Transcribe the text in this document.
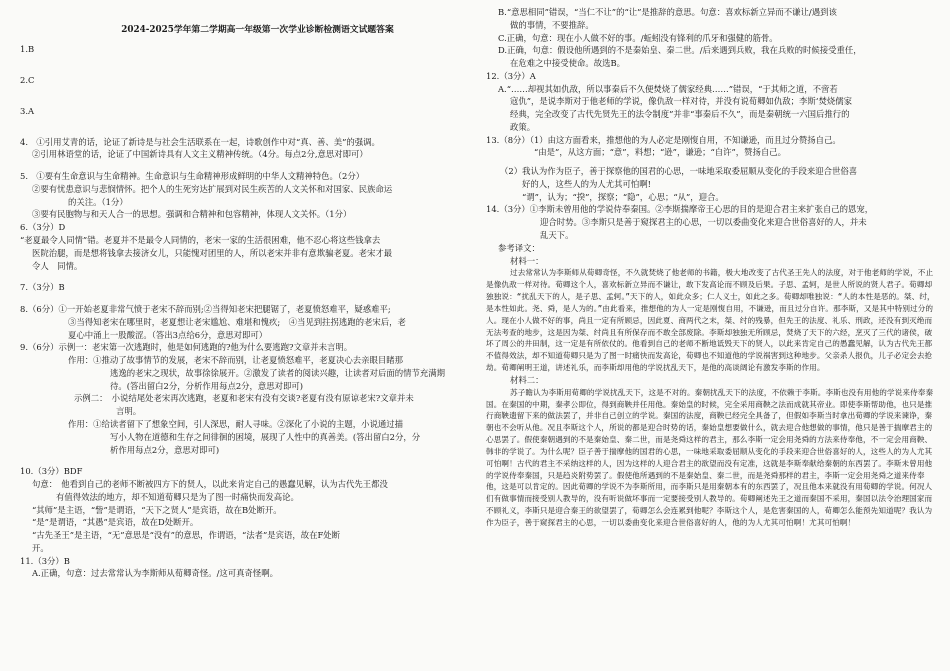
2024-2025学年第二学期高一年级第一次学业诊断检测语文试题答案
1.B
2.C
3.A
4.　①引用艾青的话，论证了新诗是与社会生活联系在一起，诗歌创作中对“真、善、美”的强调。
②引用林语堂的话，论证了中国新诗具有人文主义精神传统。（4分。每点2分,意思对即可）
5.　①要有生命意识与生命精神。生命意识与生命精神形成鲜明的中华人文精神特色。（2分）
②要有忧患意识与悲悯情怀。把个人的生死穷达扩展到对民生疾苦的人文关怀和对国家、民族命运
的关注。（1分）
③要有民胞物与和天人合一的思想。强调和合精神和包容精神，体现人文关怀。（1分）
6.（3分）D
“老夏最令人同情”错。老夏并不是最令人同情的，老宋一家的生活很困难，他不忍心将这些钱拿去
医院治腿，而是想将钱拿去接济女儿，只能愧对团里的人，所以老宋并非有意欺骗老夏。老宋才最
令人　同情。
7.（3分）B
8.（6分）①一开始老夏非常气愤于老宋不辞而别;②当得知老宋把腿锯了，老夏愤怒难平，疑惑难平;
③当得知老宋在哪里时，老夏想让老宋尴尬、难堪和愧疚;　④当见到拄拐逃跑的老宋后，老
夏心中涌上一股酸涩。（答出3点给6分，意思对即可）
9.（6分）示例一：老宋第一次逃跑时，他是如何逃跑的?他为什么要逃跑?文章并未言明。
作用：①推动了故事情节的发展，老宋不辞而别，让老夏愤怒难平，老夏决心去亲眼目睹那
逃逸的老宋之现状，故事徐徐展开。②激发了读者的阅读兴趣，让读者对后面的情节充满期
待。(答出留白2分，分析作用每点2分，意思对即可)
示例二：　小说结尾处老宋再次逃跑，老夏和老宋有没有交谈?老夏有没有原谅老宋?文章并未
言明。
作用：①给读者留下了想象空间，引人深思，耐人寻味。②深化了小说的主题，小说通过描
写小人物在道德和生存之间徘徊的困境，展现了人性中的真善美。(答出留白2分，分
析作用每点2分，意思对即可)
10.（3分）BDF
句意：　他看到自己的老师不断被四方下的贤人，以此来肯定自己的愚蠢见解，认为古代先王都没
有值得效法的地方，却不知道荀卿只是为了图一时痛快而发高论。
“其师”是主语，“訾”是谓语，“天下之贤人”是宾语，故在B处断开。
“是”是谓语，“其愚”是宾语，故在D处断开。
“古先圣王”是主语，“无”意思是“没有”的意思，作谓语，“法者”是宾语，故在F处断
开。
11.（3分）B
A.正确，句意：过去常常认为李斯师从荀卿奇怪。/这可真奇怪啊。
B.“意思相同”错误，“当仁不让”的“让”是推辞的意思。句意：喜欢标新立异而不谦让/遇到该
做的事情，不要推辞。
C.正确，句意：现在小人做不好的事。/蚯蚓没有锋利的爪牙和强健的筋骨。
D.正确，句意：假设他所遇到的不是秦始皇、秦二世。/后来遇到兵败，我在兵败的时候接受重任，
在危难之中接受使命。故选B。
12.（3分）A
A.“……却视其如仇敌，所以事秦后不久便焚烧了儒家经典……”错误，“于其师之道，不啻若
寇仇”，是说李斯对于他老师的学说，像仇敌一样对待，并没有说荀卿如仇敌；李斯‘焚烧儒家
经典，完全改变了古代先贤先王的法令制度”并非“事秦后不久”，而是秦朝统一六国后推行的
政策。
13.（8分）（1）由这方面看来，推想他的为人必定是刚愎自用，不知谦逊，而且过分赞扬自己。
“由是”，从这方面；“意”，料想；“逊”，谦逊；“自许”，赞扬自己。
（2）我认为作为臣子，善于探察他的国君的心思，一味地采取委屈顺从变化的手段来迎合世俗喜
好的人，这些人的为人尤其可怕啊!
“谓”，认为；“揆”，探察；“隐”，心思；“从”，迎合。
14.（3分）①李斯未曾用他的学说侍奉秦国。②李斯揣摩帝王心思的目的是迎合君主来扩张自己的恩宠，
迎合时势。③李斯只是善于窥探君主的心思，一切以委曲变化来迎合世俗喜好的人，并未
乱天下。
参考译文：
材料一：
过去常常认为李斯师从荀卿奇怪，不久就焚烧了他老师的书籍，极大地改变了古代圣王先人的法度，对于他老师的学说，不止是像仇敌一样对待。荀卿这个人，喜欢标新立异而不谦让，敢下发高论而不顾及后果。子思、孟轲，是世人所说的贤人君子。荀卿却独独说：“扰乱天下的人，是子思、孟轲。”天下的人，如此众多；仁人义士，如此之多。荀卿却唯独说：“人的本性是恶的。桀、纣，是本性如此。尧、舜，是人为的。”由此看来，推想他的为人一定是刚愎自用，不谦逊，而且过分自许。那李斯，又是其中特别过分的人。现在小人做不好的事，尚且一定有所顾忌，因此夏、商两代之末，桀、纣的残暴，但先王的法度、礼乐、刑政，还没有到灭绝而无法考查的地步，这是因为桀、纣尚且有所保存而不敢全部废除。李斯却独独无所顾忌，焚烧了天下的六经，烹灭了三代的诸侯，破坏了周公的井田制，这一定是有所依仗的。他看到自己的老师不断地诋毁天下的贤人，以此来肯定自己的愚蠢见解，认为古代先王都不值得效法，却不知道荀卿只是为了图一时痛快而发高论，荀卿也不知道他的学说祸害到这种地步。父亲杀人报仇，儿子必定会去抢劫。荀卿阐明王道，讲述礼乐，而李斯却用他的学说扰乱天下，是他的高谈阔论有激发李斯的作用。
材料二：
苏子瞻认为李斯用荀卿的学说扰乱天下，这是不对的。秦朝扰乱天下的法度，不依赖于李斯。李斯也没有用他的学说来侍奉秦国。在秦国的中期，秦孝公即位，得到商鞅并任用他。秦始皇的时候，完全采用商鞅之法而成就其帝业。即使李斯帮助他，也只是推行商鞅遗留下来的做法罢了，并非自己创立的学说。秦国的法度，商鞅已经完全具备了，但假如李斯当时拿出荀卿的学说来谏诤，秦朝也不会听从他。况且李斯这个人，所说的都是迎合时势的话，秦始皇想要做什么，就去迎合他想做的事情，他只是善于揣摩君主的心思罢了。假使秦朝遇到的不是秦始皇、秦二世，而是尧舜这样的君主，那么李斯一定会用尧舜的方法来侍奉他，不一定会用商鞅、韩非的学说了。为什么呢？臣子善于揣摩他的国君的心思，一味地采取委屈顺从变化的手段来迎合世俗喜好的人，这些人的为人尤其可怕啊！古代的君主不采纳这样的人，因为这样的人迎合君主的欲望而没有定准，这就是李斯奉献给秦朝的东西罢了。李斯未曾用他的学说侍奉秦国，只是趋炎附势罢了。假使他所遇到的不是秦始皇、秦二世，而是尧舜那样的君主，李斯一定会用尧舜之道来侍奉他，这是可以肯定的。因此荀卿的学说不为李斯所用，而李斯只是用秦朝本有的东西罢了，况且他本来就没有用荀卿的学说。何况人们有做事情而接受别人教导的，没有听说做坏事而一定要接受别人教导的。荀卿阐述先王之道而秦国不采用，秦国以法令治理国家而不顾礼义，李斯只是迎合秦王的欲望罢了，荀卿怎么会连累到他呢？李斯这个人，是危害秦国的人，荀卿怎么能预先知道呢？我认为作为臣子，善于窥探君主的心思，一切以委曲变化来迎合世俗喜好的人，他的为人尤其可怕啊！尤其可怕啊！
